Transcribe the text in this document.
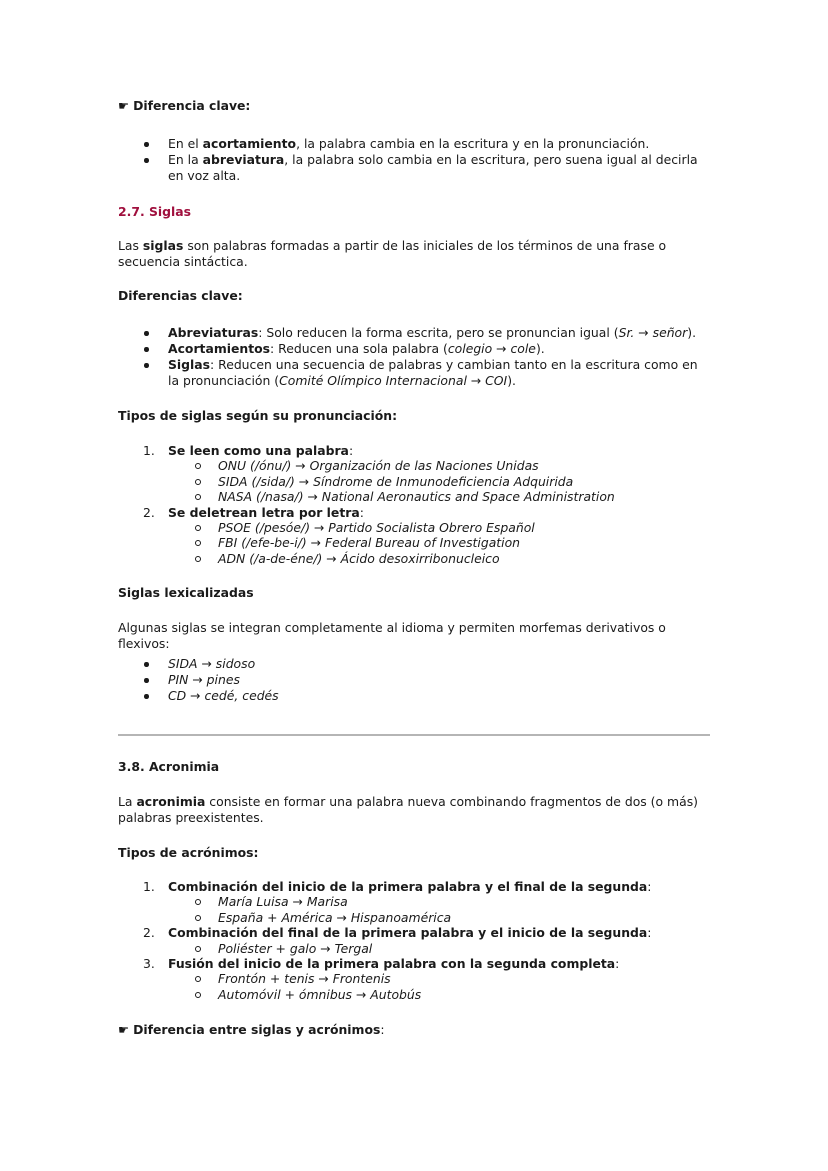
☛ Diferencia clave:

En el acortamiento, la palabra cambia en la escritura y en la pronunciación.
En la abreviatura, la palabra solo cambia en la escritura, pero suena igual al decirla en voz alta.

2.7. Siglas

Las siglas son palabras formadas a partir de las iniciales de los términos de una frase o secuencia sintáctica.

Diferencias clave:

Abreviaturas: Solo reducen la forma escrita, pero se pronuncian igual (Sr. → señor).
Acortamientos: Reducen una sola palabra (colegio → cole).
Siglas: Reducen una secuencia de palabras y cambian tanto en la escritura como en la pronunciación (Comité Olímpico Internacional → COI).

Tipos de siglas según su pronunciación:

1. Se leen como una palabra:
ONU (/ónu/) → Organización de las Naciones Unidas
SIDA (/sida/) → Síndrome de Inmunodeficiencia Adquirida
NASA (/nasa/) → National Aeronautics and Space Administration
2. Se deletrean letra por letra:
PSOE (/pesóe/) → Partido Socialista Obrero Español
FBI (/efe-be-i/) → Federal Bureau of Investigation
ADN (/a-de-éne/) → Ácido desoxirribonucleico

Siglas lexicalizadas

Algunas siglas se integran completamente al idioma y permiten morfemas derivativos o flexivos:

SIDA → sidoso
PIN → pines
CD → cedé, cedés

3.8. Acronimia

La acronimia consiste en formar una palabra nueva combinando fragmentos de dos (o más) palabras preexistentes.

Tipos de acrónimos:

1. Combinación del inicio de la primera palabra y el final de la segunda:
María Luisa → Marisa
España + América → Hispanoamérica
2. Combinación del final de la primera palabra y el inicio de la segunda:
Poliéster + galo → Tergal
3. Fusión del inicio de la primera palabra con la segunda completa:
Frontón + tenis → Frontenis
Automóvil + ómnibus → Autobús

☛ Diferencia entre siglas y acrónimos:
